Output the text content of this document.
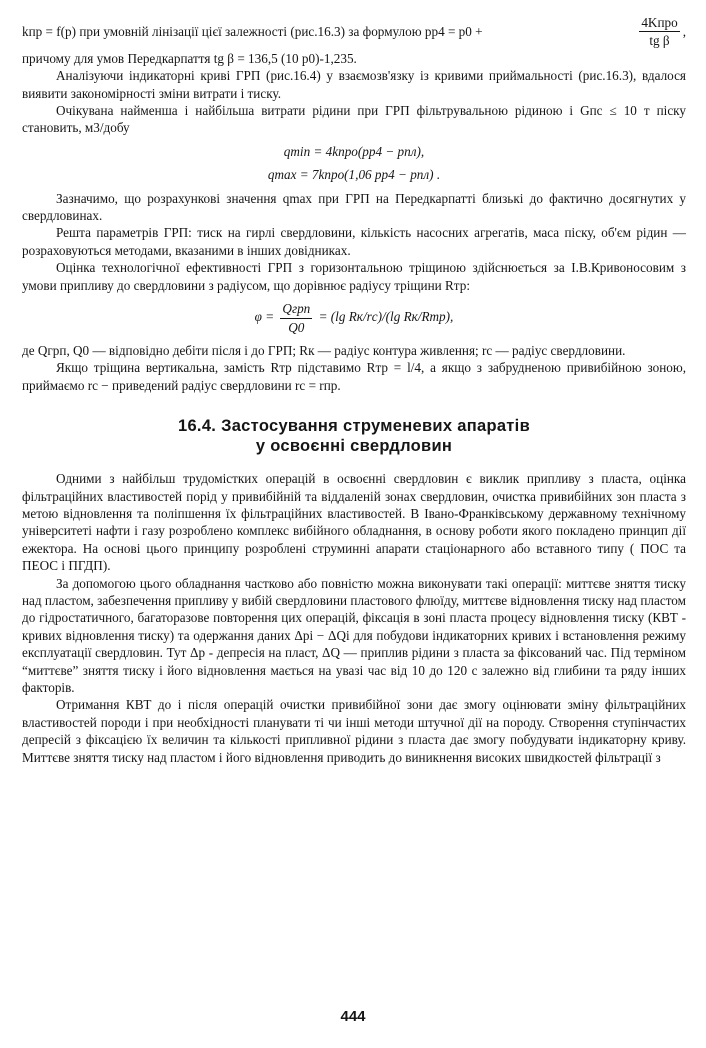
kпр = f(p) при умовній лінізації цієї залежності (рис.16.3) за формулою pр4 = p0 +	$\frac{\text{4Kпро}}{\text{tg β}}$ ,

причому для умов Передкарпаття tg β = 136,5 (10 p0)-1,235.

Аналізуючи індикаторні криві ГРП (рис.16.4) у взаємозв'язку із кривими приймальності (рис.16.3), вдалося виявити закономірності зміни витрати і тиску.

Очікувана найменша і найбільша витрати рідини при ГРП фільтрувальною рідиною і Gпс ≤ 10 т піску становить, м3/добу

qmin = 4kпро(pр4 − pпл),
qmax = 7kпро(1,06 pр4 − pпл) .

Зазначимо, що розрахункові значення qmax при ГРП на Передкарпатті близькі до фактично досягнутих у свердловинах.

Решта параметрів ГРП: тиск на гирлі свердловини, кількість насосних агрегатів, маса піску, об'єм рідин — розраховуються методами, вказаними в інших довідниках.

Оцінка технологічної ефективності ГРП з горизонтальною тріщиною здійснюється за І.В.Кривоносовим з умови припливу до свердловини з радіусом, що дорівнює радіусу тріщини Rтр:

$\varphi = \frac{\text{Qгрп}}{Q0} = (\lg$ Rк/rс)/(lg Rк/Rтр),

де Qгрп, Q0 — відповідно дебіти після і до ГРП; Rк — радіус контура живлення; rс — радіус свердловини.

Якщо тріщина вертикальна, замість Rтр підставимо Rтр = l/4, а якщо з забрудненою привибійною зоною, приймаємо rс − приведений радіус свердловини rс = rпр.

16.4. Застосування струменевих апаратів
у освоєнні свердловин

Одними з найбільш трудомістких операцій в освоєнні свердловин є виклик припливу з пласта, оцінка фільтраційних властивостей порід у привибійній та віддаленій зонах свердловин, очистка привибійних зон пласта з метою відновлення та поліпшення їх фільтраційних властивостей. В Івано-Франківському державному технічному університеті нафти і газу розроблено комплекс вибійного обладнання, в основу роботи якого покладено принцип дії ежектора. На основі цього принципу розроблені струминні апарати стаціонарного або вставного типу ( ПОС та ПЕОС і ПГДП).

За допомогою цього обладнання частково або повністю можна виконувати такі операції: миттєве зняття тиску над пластом, забезпечення припливу у вибій свердловини пластового флюїду, миттєве відновлення тиску над пластом до гідростатичного, багаторазове повторення цих операцій, фіксація в зоні пласта процесу відновлення тиску (КВТ - кривих відновлення тиску) та одержання даних Δpi − ΔQi для побудови індикаторних кривих і встановлення режиму експлуатації свердловин. Тут Δp - депресія на пласт, ΔQ — приплив рідини з пласта за фіксований час. Під терміном “миттєве” зняття тиску і його відновлення мається на увазі час від 10 до 120 с залежно від глибини та ряду інших факторів.

Отримання КВТ до і після операцій очистки привибійної зони дає змогу оцінювати зміну фільтраційних властивостей породи і при необхідності планувати ті чи інші методи штучної дії на породу. Створення ступінчастих депресій з фіксацією їх величин та кількості припливної рідини з пласта дає змогу побудувати індикаторну криву. Миттєве зняття тиску над пластом і його відновлення приводить до виникнення високих швидкостей фільтрації з

444
